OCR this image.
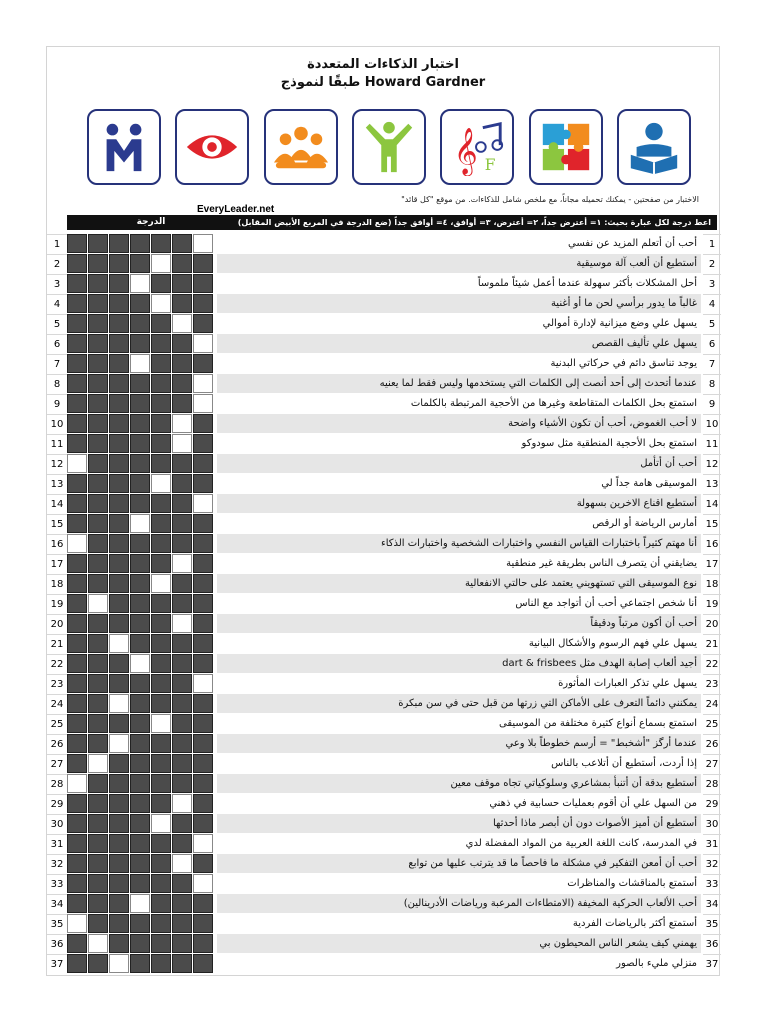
اختبار الذكاءات المتعددة
طبقًا لنموذج Howard Gardner
𝄞 F
الاختبار من صفحتين - يمكنك تحميله مجاناً، مع ملخص شامل للذكاءات. من موقع "كل قائد"
EveryLeader.net
الدرجة	اعط درجة لكل عبارة بحيث: ١= أعترض جداً، ٢= أعترض، ٣= أوافق، ٤= أوافق جداً (ضع الدرجة في المربع الأبيض المقابل)
1	أحب أن أتعلم المزيد عن نفسي	1
2	أستطيع أن ألعب آلة موسيقية	2
3	أحل المشكلات بأكثر سهولة عندما أعمل شيئاً ملموساً	3
4	غالباً ما يدور برأسي لحن ما أو أغنية	4
5	يسهل علي وضع ميزانية لإدارة أموالي	5
6	يسهل علي تأليف القصص	6
7	يوجد تناسق دائم في حركاتي البدنية	7
8	عندما أتحدث إلى أحد أنصت إلى الكلمات التي يستخدمها وليس فقط لما يعنيه	8
9	استمتع بحل الكلمات المتقاطعة وغيرها من الأحجية المرتبطة بالكلمات	9
10	لا أحب الغموض، أحب أن تكون الأشياء واضحة 10
11	استمتع بحل الأحجية المنطقية مثل سودوكو 11
12	أحب أن أتأمل 12
13	الموسيقى هامة جداً لي 13
14	أستطيع اقناع الاخرين بسهولة 14
15	أمارس الرياضة أو الرقص 15
16	أنا مهتم كثيراً باختبارات القياس النفسي واختبارات الشخصية واختبارات الذكاء 16
17	يضايقني أن يتصرف الناس بطريقة غير منطقية 17
18	نوع الموسيقى التي تستهويني يعتمد على حالتي الانفعالية 18
19	أنا شخص اجتماعي أحب أن أتواجد مع الناس 19
20	أحب أن أكون مرتباً ودقيقاً 20
21	يسهل علي فهم الرسوم والأشكال البيانية 21
22	أجيد ألعاب إصابة الهدف مثل dart & frisbees 22
23	يسهل علي تذكر العبارات المأثورة 23
24	يمكنني دائماً التعرف على الأماكن التي زرتها من قبل حتى في سن مبكرة 24
25	استمتع بسماع أنواع كثيرة مختلفة من الموسيقى 25
26	عندما أرگز "أشخبط" = أرسم خطوطاً بلا وعي 26
27	إذا أردت، أستطيع أن أتلاعب بالناس 27
28	أستطيع بدقة أن أتنبأ بمشاعري وسلوكياتي تجاه موقف معين 28
29	من السهل علي أن أقوم بعمليات حسابية في ذهني 29
30	أستطيع أن أميز الأصوات دون أن أبصر ماذا أحدثها 30
31	في المدرسة، كانت اللغة العربية من المواد المفضلة لدي 31
32	أحب أن أمعن التفكير في مشكلة ما فاحصاً ما قد يترتب عليها من توابع 32
33	أستمتع بالمناقشات والمناظرات 33
34	أحب الألعاب الحركية المخيفة (الامتطاءات المرعبة ورياضات الأدرينالين) 34
35	أستمتع أكثر بالرياضات الفردية 35
36	يهمني كيف يشعر الناس المحيطون بي 36
37	منزلي مليء بالصور 37
